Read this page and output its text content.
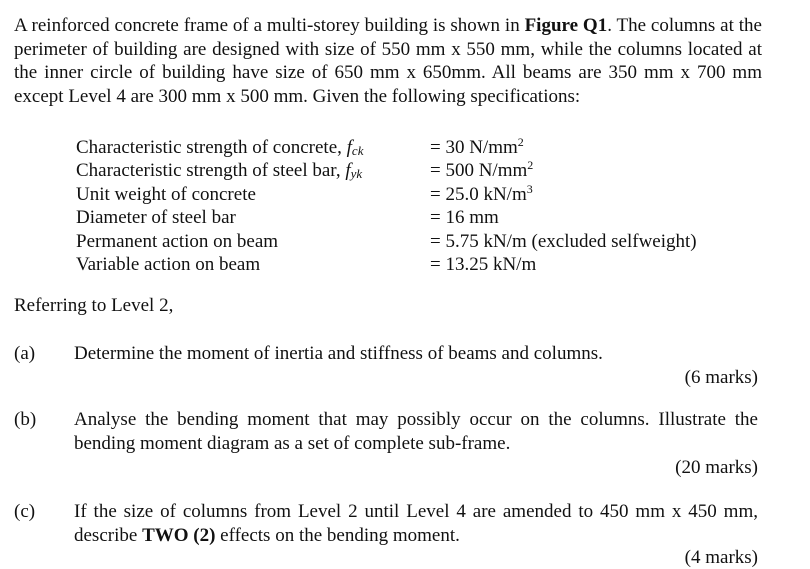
A reinforced concrete frame of a multi-storey building is shown in Figure Q1. The columns at the perimeter of building are designed with size of 550 mm x 550 mm, while the columns located at the inner circle of building have size of 650 mm x 650mm. All beams are 350 mm x 700 mm except Level 4 are 300 mm x 500 mm. Given the following specifications:
Characteristic strength of concrete, fck	= 30 $N/mm^2$
Characteristic strength of steel bar, fyk	= 500 $N/mm^2$
Unit weight of concrete	= 25.0 $kN/m^3$
Diameter of steel bar	= 16 mm
Permanent action on beam	= 5.75 kN/m (excluded selfweight)
Variable action on beam	= 13.25 kN/m
Referring to Level 2,
(a) Determine the moment of inertia and stiffness of beams and columns.
(6 marks)
(b) Analyse the bending moment that may possibly occur on the columns. Illustrate the bending moment diagram as a set of complete sub-frame.
(20 marks)
(c) If the size of columns from Level 2 until Level 4 are amended to 450 mm x 450 mm, describe TWO (2) effects on the bending moment.
(4 marks)
